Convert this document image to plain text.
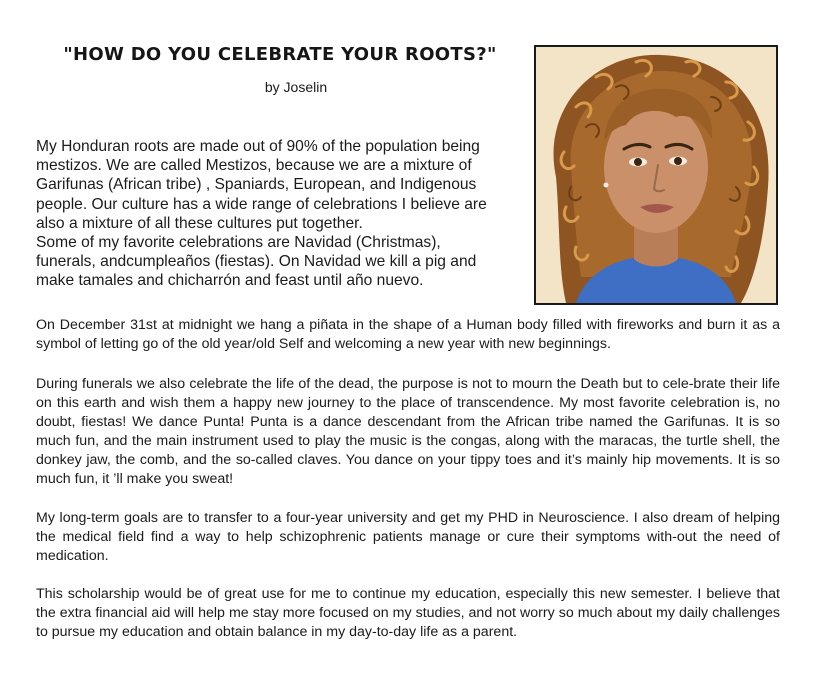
"HOW DO YOU CELEBRATE YOUR ROOTS?"

by Joselin

My Honduran roots are made out of 90% of the population being
mestizos. We are called Mestizos, because we are a mixture of
Garifunas (African tribe) , Spaniards, European, and Indigenous
people. Our culture has a wide range of celebrations I believe are
also a mixture of all these cultures put together.
Some of my favorite celebrations are Navidad (Christmas),
funerals, andcumpleaños (fiestas). On Navidad we kill a pig and
make tamales and chicharrón and feast until año nuevo.

On December 31st at midnight we hang a piñata in the shape of a Human body filled with fireworks and burn it as a symbol of letting go of the old year/old Self and welcoming a new year with new beginnings.

During funerals we also celebrate the life of the dead, the purpose is not to mourn the Death but to cele-brate their life on this earth and wish them a happy new journey to the place of transcendence. My most favorite celebration is, no doubt, fiestas! We dance Punta! Punta is a dance descendant from the African tribe named the Garifunas. It is so much fun, and the main instrument used to play the music is the congas, along with the maracas, the turtle shell, the donkey jaw, the comb, and the so-called claves. You dance on your tippy toes and it’s mainly hip movements. It is so much fun, it ’ll make you sweat!

My long-term goals are to transfer to a four-year university and get my PHD in Neuroscience. I also dream of helping the medical field find a way to help schizophrenic patients manage or cure their symptoms with-out the need of medication.

This scholarship would be of great use for me to continue my education, especially this new semester. I believe that the extra financial aid will help me stay more focused on my studies, and not worry so much about my daily challenges to pursue my education and obtain balance in my day-to-day life as a parent.
